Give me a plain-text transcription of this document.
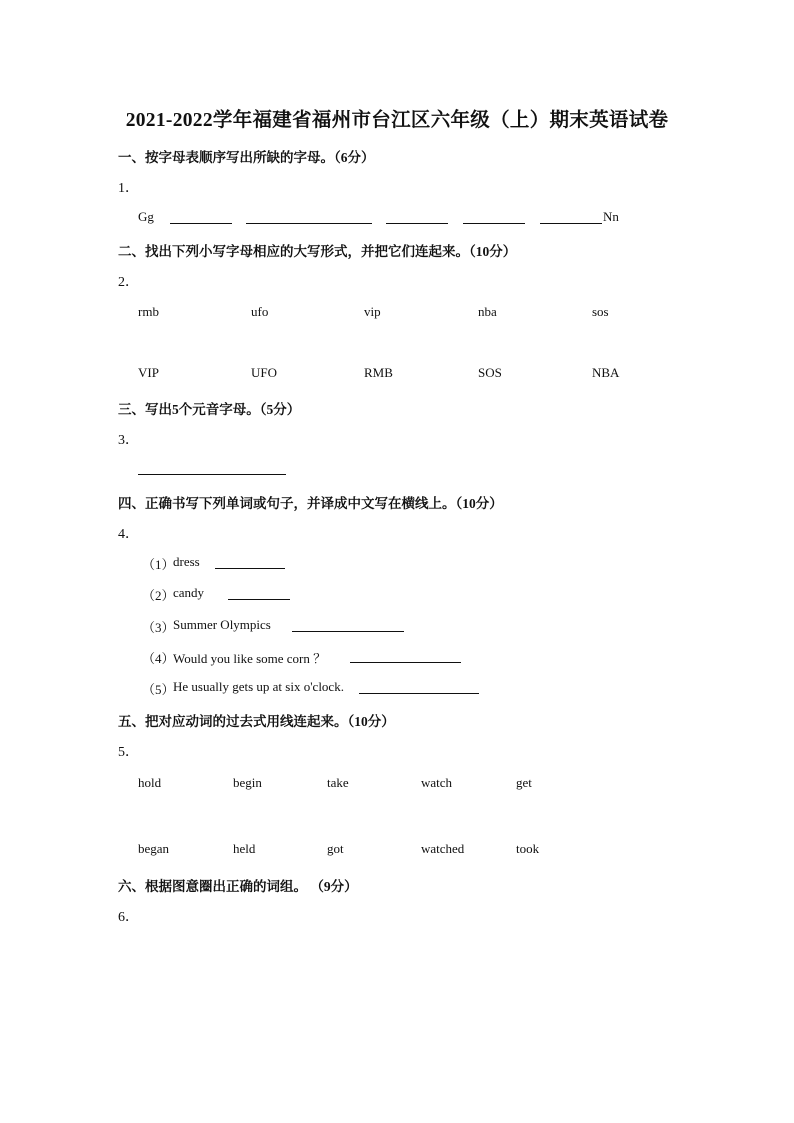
2021-2022学年福建省福州市台江区六年级（上）期末英语试卷
一、按字母表顺序写出所缺的字母。（6分）
1．
Gg	Nn
二、找出下列小写字母相应的大写形式，并把它们连起来。（10分）
2．
rmb	ufo	vip	nba	sos
VIP	UFO	RMB	SOS	NBA
三、写出5个元音字母。（5分）
3．
四、正确书写下列单词或句子，并译成中文写在横线上。（10分）
4．
（1）
dress
（2）
candy
（3）
Summer Olympics
（4）
Would you like some corn ？
（5）
He usually gets up at six o'clock.
五、把对应动词的过去式用线连起来。（10分）
5．
hold	begin	take	watch	get
began	held	got	watched	took
六、根据图意圈出正确的词组。 （9分）
6．
